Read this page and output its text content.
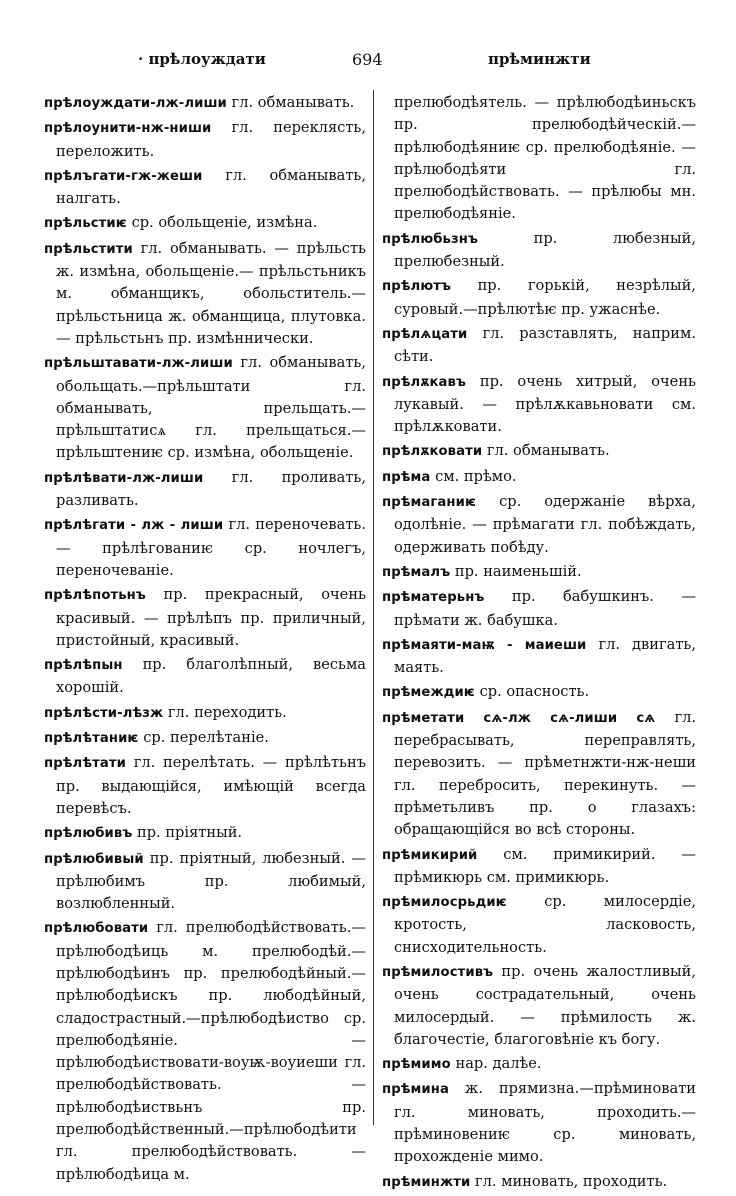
· прѣлоуждати	694	прѣминжти

прѣлоуждати-лж-лиши гл. обманывать.

прѣлоунити-нж-ниши гл. переклясть, переложить.

прѣлъгати-гж-жеши гл. обманывать, налгать.

прѣльстиѥ ср. обольщеніе, измѣна.

прѣльстити гл. обманывать. — прѣльсть ж. измѣна, обольщеніе.— прѣльстьникъ м. обманщикъ, обольститель.—прѣльстьница ж. обманщица, плутовка. — прѣльстьнъ пр. измѣннически.

прѣльштавати-лж-лиши гл. обманывать, обольщать.—прѣльштати гл. обманывать, прельщать.—прѣльштатисѧ гл. прельщаться.—прѣльштениѥ ср. измѣна, обольщеніе.

прѣлѣвати-лж-лиши гл. проливать, разливать.

прѣлѣгати - лж - лиши гл. переночевать. — прѣлѣгованиѥ ср. ночлегъ, переночеваніе.

прѣлѣпотьнъ пр. прекрасный, очень красивый. — прѣлѣпъ пр. приличный, пристойный, красивый.

прѣлѣпын пр. благолѣпный, весьма хорошій.

прѣлѣсти-лѣзж гл. переходить.

прѣлѣтаниѥ ср. перелѣтаніе.

прѣлѣтати гл. перелѣтать. — прѣлѣтьнъ пр. выдающійся, имѣющій всегда перевѣсъ.

прѣлюбивъ пр. пріятный.

прѣлюбивый пр. пріятный, любезный. —прѣлюбимъ пр. любимый, возлюбленный.

прѣлюбовати гл. прелюбодѣйствовать.—прѣлюбодѣиць м. прелюбодѣй.—прѣлюбодѣинъ пр. прелюбодѣйный.—прѣлюбодѣискъ пр. любодѣйный, сладострастный.—прѣлюбодѣиство ср. прелюбодѣяніе. — прѣлюбодѣиствовати-воуѭ-воуиеши гл. прелюбодѣйствовать. — прѣлюбодѣиствьнъ пр. прелюбодѣйственный.—прѣлюбодѣити гл. прелюбодѣйствовать. — прѣлюбодѣица м.

прелюбодѣятель. — прѣлюбодѣиньскъ пр. прелюбодѣйческій.— прѣлюбодѣяниѥ ср. прелюбодѣяніе. — прѣлюбодѣяти гл. прелюбодѣйствовать. — прѣлюбы мн. прелюбодѣяніе.

прѣлюбьзнъ пр. любезный, прелюбезный.

прѣлютъ пр. горькій, незрѣлый, суровый.—прѣлютѣѥ пр. ужаснѣе.

прѣлѧцати гл. разставлять, наприм. сѣти.

прѣлѫкавъ пр. очень хитрый, очень лукавый. — прѣлѫкавьновати см. прѣлѫковати.

прѣлѫковати гл. обманывать.

прѣма см. прѣмо.

прѣмаганиѥ ср. одержаніе вѣрха, одолѣніе. — прѣмагати гл. побѣждать, одерживать побѣду.

прѣмалъ пр. наименьшій.

прѣматерьнъ пр. бабушкинъ. — прѣмати ж. бабушка.

прѣмаяти-маѭ - маиеши гл. двигать, маять.

прѣмеждиѥ ср. опасность.

прѣметати сѧ-лж сѧ-лиши сѧ гл. перебрасывать, переправлять, перевозить. — прѣметнжти-нж-неши гл. перебросить, перекинуть. — прѣметьливъ пр. о глазахъ: обращающійся во всѣ стороны.

прѣмикирий см. примикирий. — прѣмикюрь см. примикюрь.

прѣмилосрьдиѥ ср. милосердіе, кротость, ласковость, снисходительность.

прѣмилостивъ пр. очень жалостливый, очень сострадательный, очень милосердый. — прѣмилость ж. благочестіе, благоговѣніе къ богу.

прѣмимо нар. далѣе.

прѣмина ж. прямизна.—прѣминовати гл. миновать, проходить.—прѣминовениѥ ср. миновать, прохожденіе мимо.

прѣминжти гл. миновать, проходить.
